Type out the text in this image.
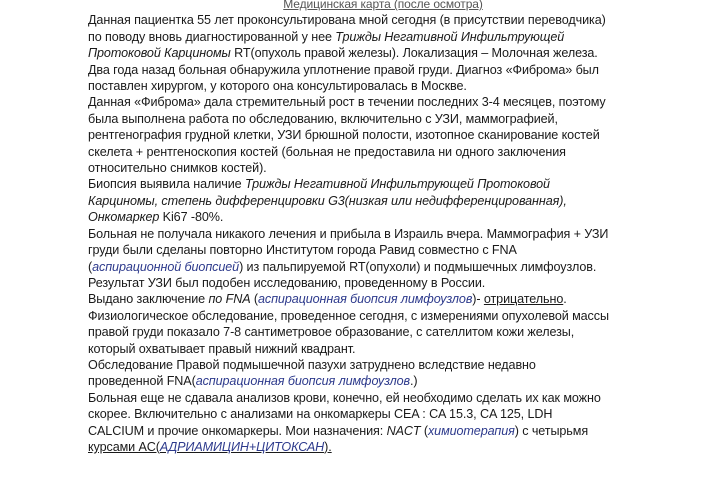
Медицинская карта (после осмотра)

Данная пациентка 55 лет проконсультирована мной сегодня (в присутствии переводчика)

по поводу вновь диагностированной у нее Трижды Негативной Инфильтрующей

Протоковой Карциномы RT(опухоль правой железы). Локализация – Молочная железа.

Два года назад больная обнаружила уплотнение правой груди. Диагноз «Фиброма» был

поставлен хирургом, у которого она консультировалась в Москве.

Данная «Фиброма» дала стремительный рост в течении последних 3-4 месяцев, поэтому

была выполнена работа по обследованию, включительно с УЗИ, маммографией,

рентгенография грудной клетки, УЗИ брюшной полости, изотопное сканирование костей

скелета + рентгеноскопия костей (больная не предоставила ни одного заключения

относительно снимков костей).

Биопсия выявила наличие Трижды Негативной Инфильтрующей Протоковой

Карциномы, степень дифференцировки G3(низкая или недифференцированная),

Онкомаркер Ki67 -80%.

Больная не получала никакого лечения и прибыла в Израиль вчера. Маммография + УЗИ

груди были сделаны повторно Институтом города Равид совместно с FNA

(аспирационной биопсией) из пальпируемой RT(опухоли) и подмышечных лимфоузлов.

Результат УЗИ был подобен исследованию, проведенному в России.

Выдано заключение по FNA (аспирационная биопсия лимфоузлов)- отрицательно.

Физиологическое обследование, проведенное сегодня, с измерениями опухолевой массы

правой груди показало 7-8 сантиметровое образование, с сателлитом кожи железы,

который охватывает правый нижний квадрант.

Обследование Правой подмышечной пазухи затруднено вследствие недавно

проведенной FNA(аспирационная биопсия лимфоузлов.)

Больная еще не сдавала анализов крови, конечно, ей необходимо сделать их как можно

скорее. Включительно с анализами на онкомаркеры CEA : CA 15.3, CA 125, LDH

CALCIUM и прочие онкомаркеры. Мои назначения: NACT (химиотерапия) с четырьмя

курсами AC(АДРИАМИЦИН+ЦИТОКСАН).
